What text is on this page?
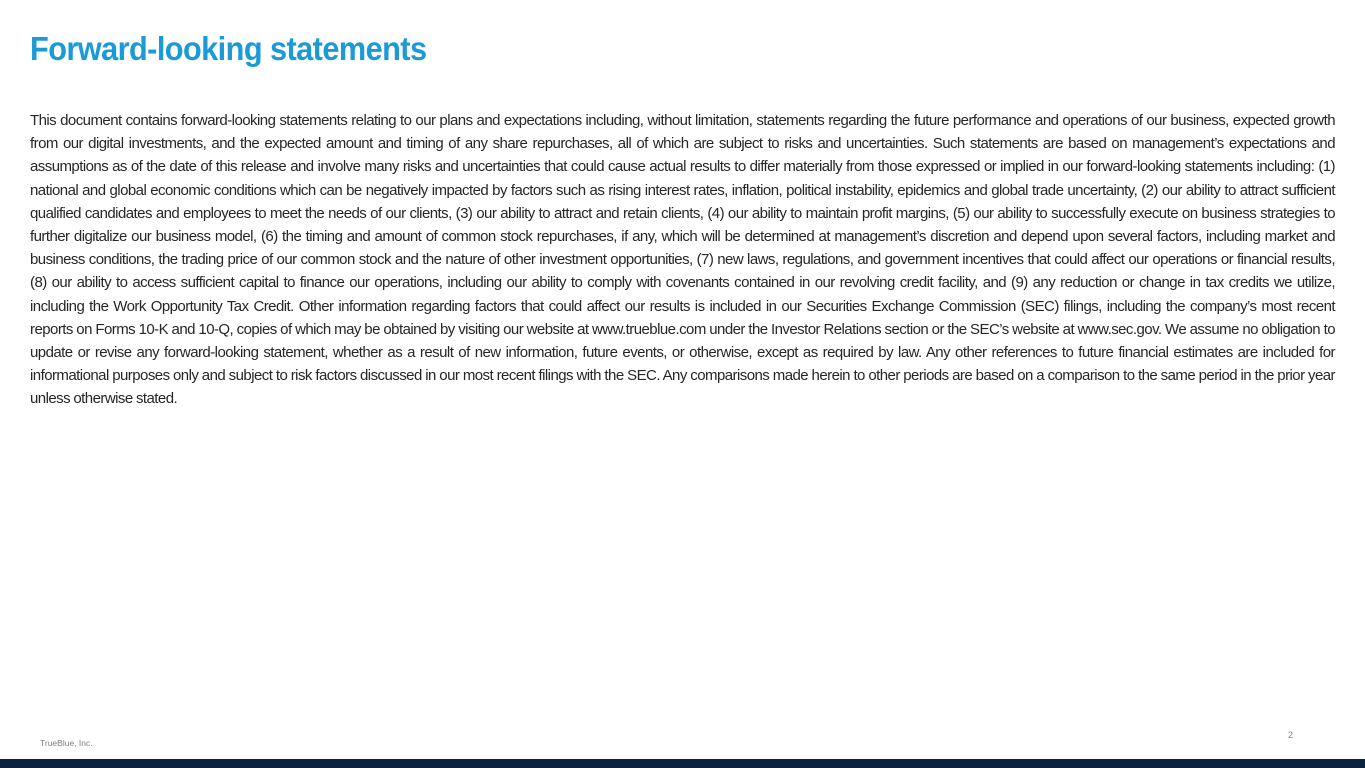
Forward-looking statements

This document contains forward-looking statements relating to our plans and expectations including, without limitation, statements regarding the future performance and operations of our business, expected growth from our digital investments, and the expected amount and timing of any share repurchases, all of which are subject to risks and uncertainties. Such statements are based on management’s expectations and assumptions as of the date of this release and involve many risks and uncertainties that could cause actual results to differ materially from those expressed or implied in our forward-looking statements including: (1) national and global economic conditions which can be negatively impacted by factors such as rising interest rates, inflation, political instability, epidemics and global trade uncertainty, (2) our ability to attract sufficient qualified candidates and employees to meet the needs of our clients, (3) our ability to attract and retain clients, (4) our ability to maintain profit margins, (5) our ability to successfully execute on business strategies to further digitalize our business model, (6) the timing and amount of common stock repurchases, if any, which will be determined at management’s discretion and depend upon several factors, including market and business conditions, the trading price of our common stock and the nature of other investment opportunities, (7) new laws, regulations, and government incentives that could affect our operations or financial results, (8) our ability to access sufficient capital to finance our operations, including our ability to comply with covenants contained in our revolving credit facility, and (9) any reduction or change in tax credits we utilize, including the Work Opportunity Tax Credit. Other information regarding factors that could affect our results is included in our Securities Exchange Commission (SEC) filings, including the company’s most recent reports on Forms 10-K and 10-Q, copies of which may be obtained by visiting our website at www.trueblue.com under the Investor Relations section or the SEC’s website at www.sec.gov. We assume no obligation to update or revise any forward-looking statement, whether as a result of new information, future events, or otherwise, except as required by law. Any other references to future financial estimates are included for informational purposes only and subject to risk factors discussed in our most recent filings with the SEC. Any comparisons made herein to other periods are based on a comparison to the same period in the prior year unless otherwise stated.

TrueBlue, Inc.
2
